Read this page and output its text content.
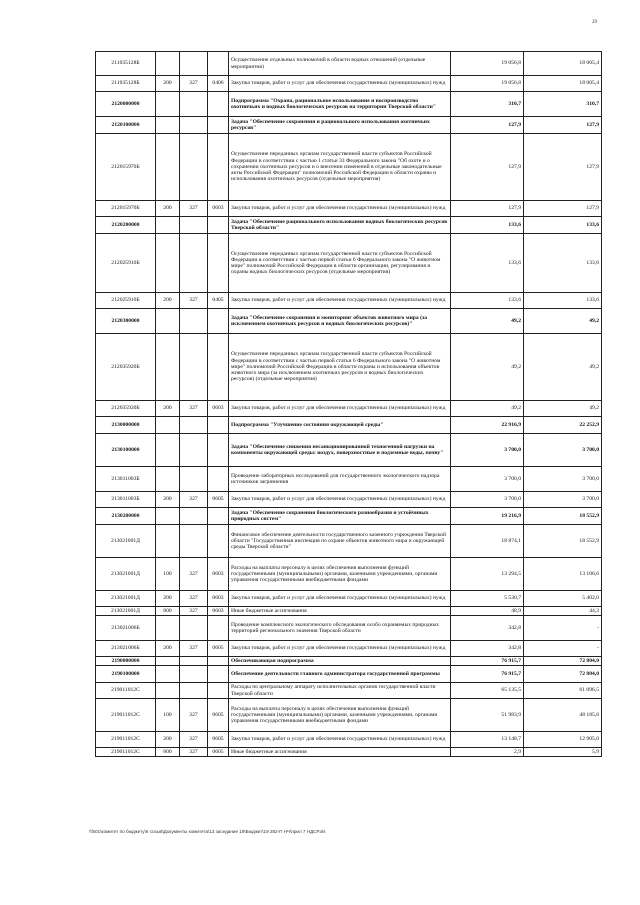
29
211035128Б				Осуществление отдельных полномочий в области водных отношений (отдельные мероприятия)	19 056,8	18 005,4
211035128Б	200	327	0406	Закупка товаров, работ и услуг для обеспечения государственных (муниципальных) нужд	19 056,8	18 005,4
2120000000				Подпрограмма "Охрана, рациональное использование и воспроизводство охотничьих и водных биологических ресурсов на территории Тверской области"	310,7	310,7
2120100000				Задача "Обеспечение сохранения и рационального использования охотничьих ресурсов"	127,9	127,9
212015970Б				Осуществление переданных органам государственной власти субъектов Российской Федерации в соответствии с частью 1 статьи 33 Федерального закона "Об охоте и о сохранении охотничьих ресурсов и о внесении изменений в отдельные законодательные акты Российской Федерации" полномочий Российской Федерации в области охраны и использования охотничьих ресурсов (отдельные мероприятия)	127,9	127,9
212015970Б	200	327	0603	Закупка товаров, работ и услуг для обеспечения государственных (муниципальных) нужд	127,9	127,9
2120200000				Задача "Обеспечение рационального использования водных биологических ресурсов Тверской области"	133,6	133,6
212025910Б				Осуществление переданных органам государственной власти субъектов Российской Федерации в соответствии с частью первой статьи 6 Федерального закона "О животном мире" полномочий Российской Федерации в области организации, регулирования и охраны водных биологических ресурсов (отдельные мероприятия)	133,6	133,6
212025910Б	200	327	0405	Закупка товаров, работ и услуг для обеспечения государственных (муниципальных) нужд	133,6	133,6
2120300000				Задача "Обеспечение сохранения и мониторинг объектов животного мира (за исключением охотничьих ресурсов и водных биологических ресурсов)"	49,2	49,2
212035920Б				Осуществление переданных органам государственной власти субъектов Российской Федерации в соответствии с частью первой статьи 6 Федерального закона "О животном мире" полномочий Российской Федерации в области охраны и использования объектов животного мира (за исключением охотничьих ресурсов и водных биологических ресурсов) (отдельные мероприятия)	49,2	49,2
212035920Б	200	327	0603	Закупка товаров, работ и услуг для обеспечения государственных (муниципальных) нужд	49,2	49,2
2130000000				Подпрограмма "Улучшение состояния окружающей среды"	22 916,9	22 252,9
2130100000				Задача "Обеспечение снижения несанкционированной техногенной нагрузки на компоненты окружающей среды: воздух, поверхностные и подземные воды, почву"	3 700,0	3 700,0
213011003Б				Проведение лабораторных исследований для государственного экологического надзора источников загрязнения	3 700,0	3 700,0
213011003Б	200	327	0605	Закупка товаров, работ и услуг для обеспечения государственных (муниципальных) нужд	3 700,0	3 700,0
2130200000				Задача "Обеспечение сохранения биологического разнообразия и устойчивых природных систем"	19 216,9	18 552,9
213021001Д				Финансовое обеспечение деятельности государственного казенного учреждения Тверской области "Государственная инспекция по охране объектов животного мира и окружающей среды Тверской области"	18 874,1	18 552,9
213021001Д	100	327	0603	Расходы на выплаты персоналу в целях обеспечения выполнения функций государственными (муниципальными) органами, казенными учреждениями, органами управления государственными внебюджетными фондами	13 294,5	13 106,6
213021001Д	200	327	0603	Закупка товаров, работ и услуг для обеспечения государственных (муниципальных) нужд	5 530,7	5 402,0
213021001Д	800	327	0603	Иные бюджетные ассигнования	48,9	44,3
213021006Б				Проведение комплексного экологического обследования особо охраняемых природных территорий регионального значения Тверской области	342,8	-
213021006Б	200	327	0605	Закупка товаров, работ и услуг для обеспечения государственных (муниципальных) нужд	342,8	-
2190000000				Обеспечивающая подпрограмма	76 915,7	72 804,0
2190100000				Обеспечение деятельности главного администратора государственной программы	76 915,7	72 804,0
219011012С				Расходы по центральному аппарату исполнительных органов государственной власти Тверской области	65 135,5	61 096,5
219011012С	100	327	0605	Расходы на выплаты персоналу в целях обеспечения выполнения функций государственными (муниципальными) органами, казенными учреждениями, органами управления государственными внебюджетными фондами	51 983,9	48 185,6
219011012С	200	327	0605	Закупка товаров, работ и услуг для обеспечения государственных (муниципальных) нужд	13 148,7	12 905,0
219011012С	800	327	0605	Иные бюджетные ассигнования	2,9	5,9
\\fs01\комитет по бюджету\6 созыв\Документы комитета\13 заседание 19\Бюджет\19 282-П НЧ\прил 7 НДСР.xls
